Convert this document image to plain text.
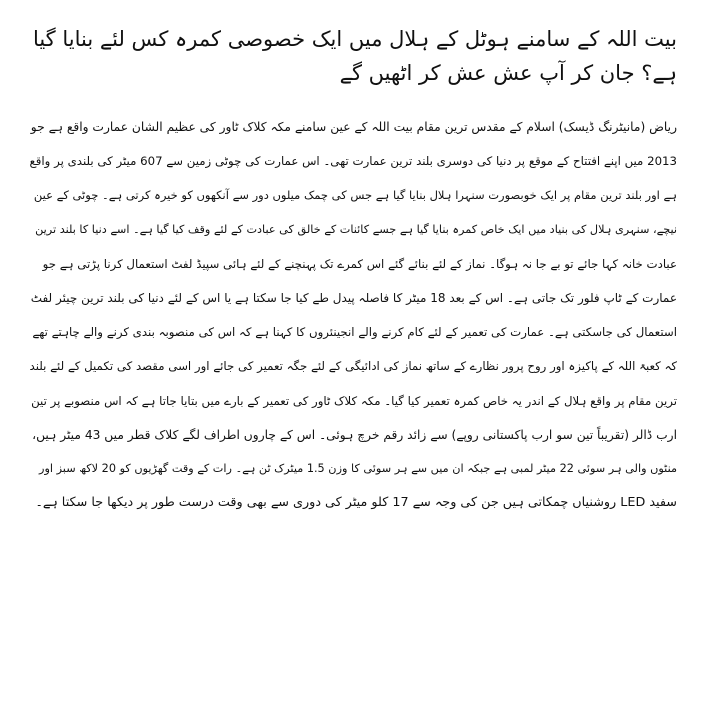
بیت اللہ کے سامنے ہوٹل کے ہلال میں ایک خصوصی کمرہ کس لئے بنایا گیا ہے؟ جان کر آپ عش عش کر اٹھیں گے
ریاض (مانیٹرنگ ڈیسک) اسلام کے مقدس ترین مقام بیت اللہ کے عین سامنے مکہ کلاک ٹاور کی عظیم الشان عمارت واقع ہے جو
2013 میں اپنے افتتاح کے موقع پر دنیا کی دوسری بلند ترین عمارت تھی۔ اس عمارت کی چوٹی زمین سے 607 میٹر کی بلندی پر واقع
ہے اور بلند ترین مقام پر ایک خوبصورت سنہرا ہلال بنایا گیا ہے جس کی چمک میلوں دور سے آنکھوں کو خیرہ کرتی ہے۔ چوٹی کے عین
نیچے، سنہری ہلال کی بنیاد میں ایک خاص کمرہ بنایا گیا ہے جسے کائنات کے خالق کی عبادت کے لئے وقف کیا گیا ہے۔ اسے دنیا کا بلند ترین
عبادت خانہ کہا جائے تو بے جا نہ ہوگا۔ نماز کے لئے بنائے گئے اس کمرے تک پہنچنے کے لئے ہائی سپیڈ لفٹ استعمال کرنا پڑتی ہے جو
عمارت کے ٹاپ فلور تک جاتی ہے۔ اس کے بعد 18 میٹر کا فاصلہ پیدل طے کیا جا سکتا ہے یا اس کے لئے دنیا کی بلند ترین چیئر لفٹ
استعمال کی جاسکتی ہے۔ عمارت کی تعمیر کے لئے کام کرنے والے انجینئروں کا کہنا ہے کہ اس کی منصوبہ بندی کرنے والے چاہتے تھے
کہ کعبۃ اللہ کے پاکیزہ اور روح پرور نظارے کے ساتھ نماز کی ادائیگی کے لئے جگہ تعمیر کی جائے اور اسی مقصد کی تکمیل کے لئے بلند
ترین مقام پر واقع ہلال کے اندر یہ خاص کمرہ تعمیر کیا گیا۔ مکہ کلاک ٹاور کی تعمیر کے بارے میں بتایا جاتا ہے کہ اس منصوبے پر تین
ارب ڈالر (تقریباً تین سو ارب پاکستانی روپے) سے زائد رقم خرچ ہوئی۔ اس کے چاروں اطراف لگے کلاک قطر میں 43 میٹر ہیں،
منٹوں والی ہر سوئی 22 میٹر لمبی ہے جبکہ ان میں سے ہر سوئی کا وزن 1.5 میٹرک ٹن ہے۔ رات کے وقت گھڑیوں کو 20 لاکھ سبز اور
سفید LED روشنیاں چمکاتی ہیں جن کی وجہ سے 17 کلو میٹر کی دوری سے بھی وقت درست طور پر دیکھا جا سکتا ہے۔
